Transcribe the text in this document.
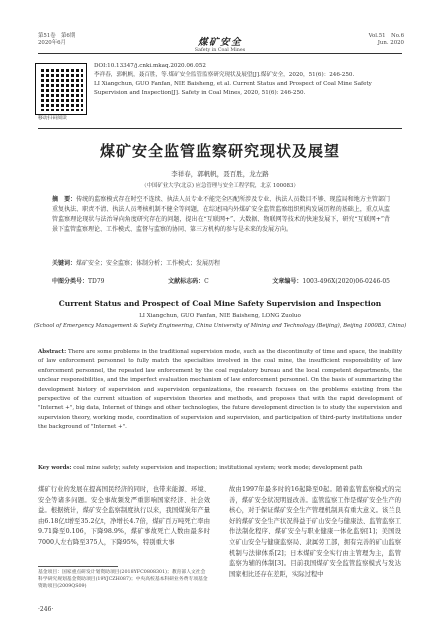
第51卷　第6期
2020年6月	煤矿安全
Safety in Coal Mines
Vol.51　No.6
Jun. 2020
移动扫码阅读
DOI:10.13347/j.cnki.mkaq.2020.06.052
李祥春，郭帆帆，聂百胜，等.煤矿安全监管监察研究现状及展望[J].煤矿安全，2020，51(6)：246-250.
LI Xiangchun, GUO Fanfan, NIE Baisheng, et al. Current Status and Prospect of Coal Mine Safety Supervision and Inspection[J]. Safety in Coal Mines, 2020, 51(6): 246-250.
煤矿安全监管监察研究现状及展望
李祥春，郭帆帆，聂百胜，龙左路
（中国矿业大学(北京) 应急管理与安全工程学院，北京 100083）
摘　要：传统的监察模式存在时空不连续、执法人员专业不能完全匹配所涉及专业、执法人员数目不够、现监局和地方主管部门重复执法、职责不清、执法人员考核机制不健全等问题，在综述国内外煤矿安全监管监察组织机构发展历程的基础上，重点从监管监察理论现状与法治导向角度研究存在的问题，提出在“互联网+”、大数据、物联网等技术的快速发展下，研究“互联网+”背景下监管监察理论、工作模式、监督与监察的协同、第三方机构的参与是未来的发展方向。
关键词：煤矿安全；安全监察；体制分析；工作模式；发展历程
中图分类号：TD79	文献标志码：C	文章编号：1003-496X(2020)06-0246-05
Current Status and Prospect of Coal Mine Safety Supervision and Inspection
LI Xiangchun, GUO Fanfan, NIE Baisheng, LONG Zuoluo
(School of Emergency Management & Safety Engineering, China University of Mining and Technology (Beijing), Beijing 100083, China)
Abstract: There are some problems in the traditional supervision mode, such as the discontinuity of time and space, the inability of law enforcement personnel to fully match the specialties involved in the coal mine, the insufficient responsibility of law enforcement personnel, the repeated law enforcement by the coal regulatory bureau and the local competent departments, the unclear responsibilities, and the imperfect evaluation mechanism of law enforcement personnel. On the basis of summarizing the development history of supervision and supervision organizations, the research focuses on the problems existing from the perspective of the current situation of supervision theories and methods, and proposes that with the rapid development of "Internet +", big data, Internet of things and other technologies, the future development direction is to study the supervision and supervision theory, working mode, coordination of supervision and supervision, and participation of third-party institutions under the background of "Internet +".
Key words: coal mine safety; safety supervision and inspection; institutional system; work mode; development path
煤矿行业的发展在提高国民经济的同时，也带来能源、环境、安全等诸多问题。安全事故频发严重影响国家经济、社会效益。根据统计，煤矿安全监察制度执行以来，我国煤炭年产量由6.18亿t增至35.2亿t，净增长4.7倍，煤矿百万吨死亡率由9.71降至0.106，下降98.9%，煤矿事故死亡人数由最多时7000人左右降至375人，下降95%，特别重大事
故由1997年最多时的16起降至0起。随着监管监察模式的完善，煤矿安全状况明显改善。监管监察工作是煤矿安全生产的核心，对于保证煤矿安全生产管理机制具有重大意义。该兰良好的煤矿安全生产状况得益于矿山安全与健康法、监管监察工作法制化程序、煤矿安全与职业健康一体化监察[1]；美国设立矿山安全与健康监察局、隶属劳工部，拥有完善的矿山监察机制与法律体系[2]；日本煤矿安全实行由主管理为主，监管监察为辅的体制[3]。目前我国煤矿安全监管监察模式与发达国家相比还存在差距，实际过程中
基金项目：国家重点研发计划资助项目(2018YFC0808301)；教育部人文社会科学研究规划基金资助项目(19YJCZH087)；中央高校基本科研业务费专项基金资助项目(2009QS09)
·246·
